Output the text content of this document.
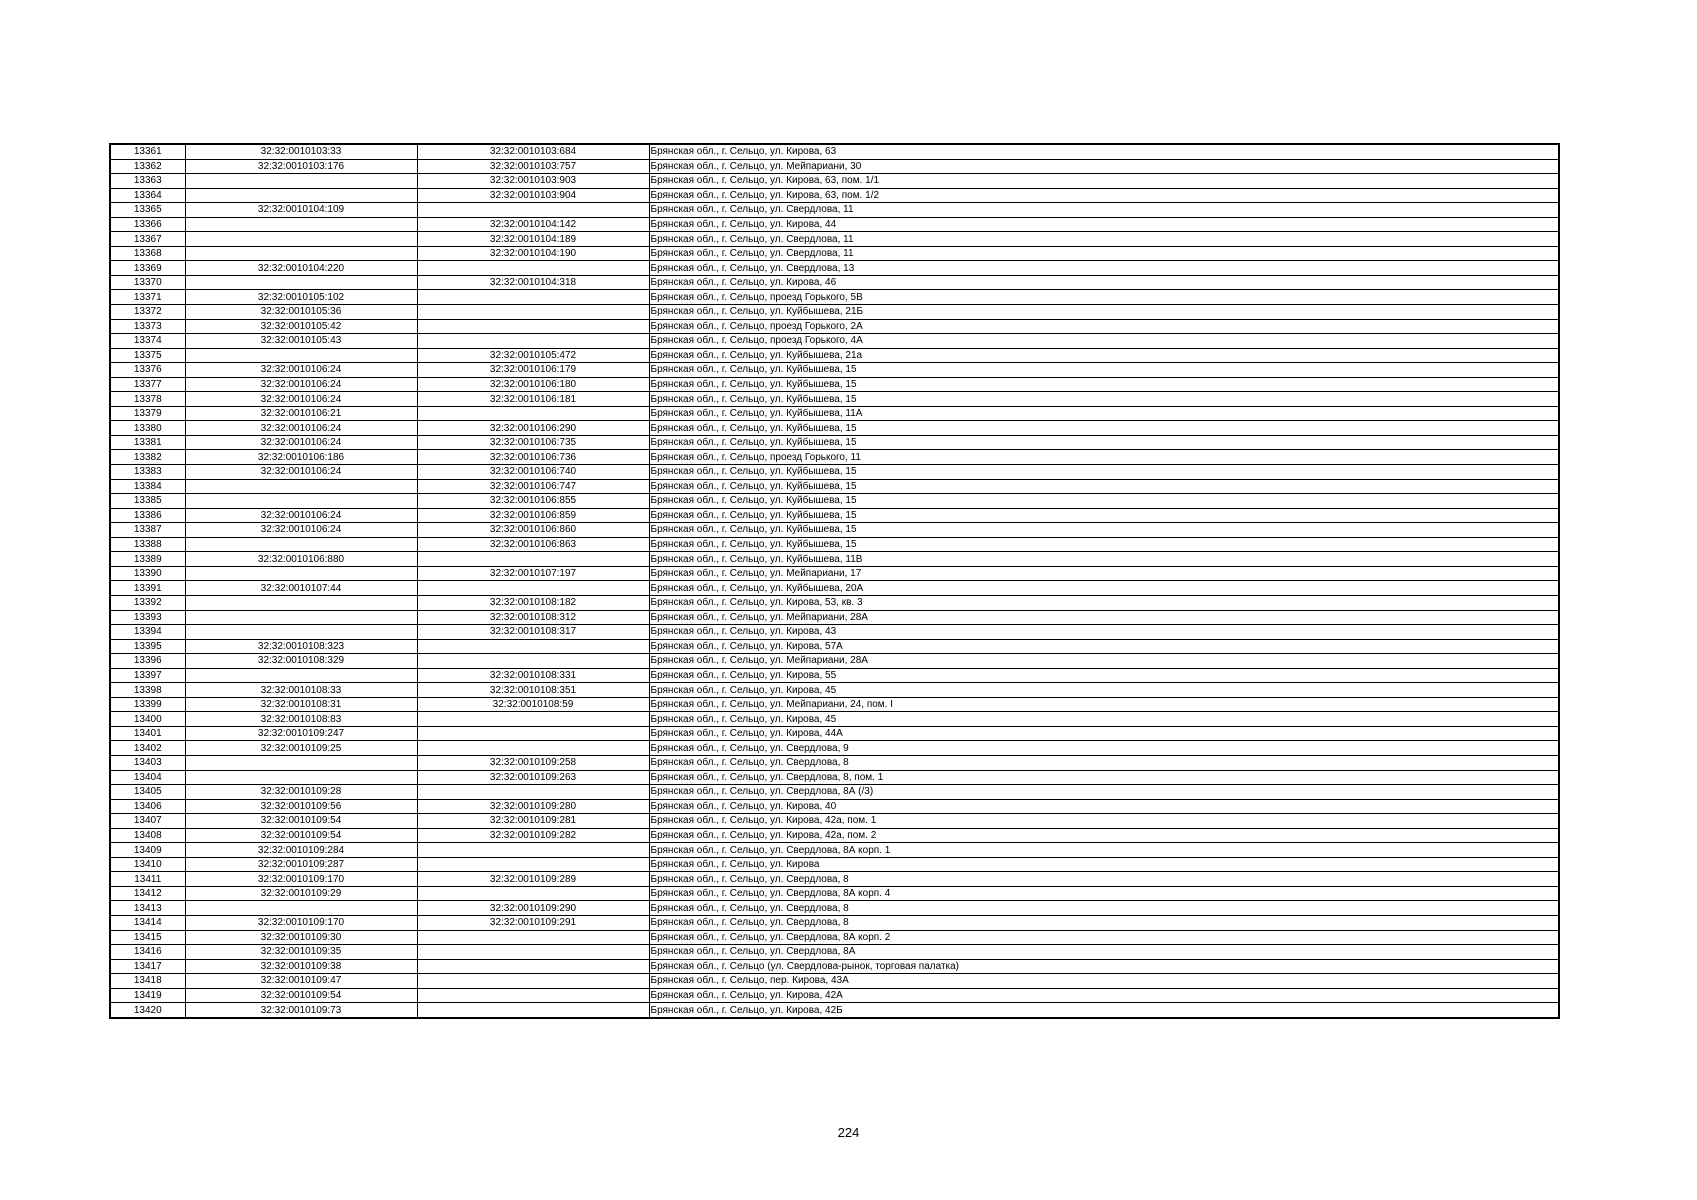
13361	32:32:0010103:33	32:32:0010103:684	Брянская обл., г. Сельцо, ул. Кирова, 63
13362	32:32:0010103:176	32:32:0010103:757	Брянская обл., г. Сельцо, ул. Мейпариани, 30
13363		32:32:0010103:903	Брянская обл., г. Сельцо, ул. Кирова, 63, пом. 1/1
13364		32:32:0010103:904	Брянская обл., г. Сельцо, ул. Кирова, 63, пом. 1/2
13365	32:32:0010104:109		Брянская обл., г. Сельцо, ул. Свердлова, 11
13366		32:32:0010104:142	Брянская обл., г. Сельцо, ул. Кирова, 44
13367		32:32:0010104:189	Брянская обл., г. Сельцо, ул. Свердлова, 11
13368		32:32:0010104:190	Брянская обл., г. Сельцо, ул. Свердлова, 11
13369	32:32:0010104:220		Брянская обл., г. Сельцо, ул. Свердлова, 13
13370		32:32:0010104:318	Брянская обл., г. Сельцо, ул. Кирова, 46
13371	32:32:0010105:102		Брянская обл., г. Сельцо, проезд Горького, 5В
13372	32:32:0010105:36		Брянская обл., г. Сельцо, ул. Куйбышева, 21Б
13373	32:32:0010105:42		Брянская обл., г. Сельцо, проезд Горького, 2А
13374	32:32:0010105:43		Брянская обл., г. Сельцо, проезд Горького, 4А
13375		32:32:0010105:472	Брянская обл., г. Сельцо, ул. Куйбышева, 21а
13376	32:32:0010106:24	32:32:0010106:179	Брянская обл., г. Сельцо, ул. Куйбышева, 15
13377	32:32:0010106:24	32:32:0010106:180	Брянская обл., г. Сельцо, ул. Куйбышева, 15
13378	32:32:0010106:24	32:32:0010106:181	Брянская обл., г. Сельцо, ул. Куйбышева, 15
13379	32:32:0010106:21		Брянская обл., г. Сельцо, ул. Куйбышева, 11А
13380	32:32:0010106:24	32:32:0010106:290	Брянская обл., г. Сельцо, ул. Куйбышева, 15
13381	32:32:0010106:24	32:32:0010106:735	Брянская обл., г. Сельцо, ул. Куйбышева, 15
13382	32:32:0010106:186	32:32:0010106:736	Брянская обл., г. Сельцо, проезд Горького, 11
13383	32:32:0010106:24	32:32:0010106:740	Брянская обл., г. Сельцо, ул. Куйбышева, 15
13384		32:32:0010106:747	Брянская обл., г. Сельцо, ул. Куйбышева, 15
13385		32:32:0010106:855	Брянская обл., г. Сельцо, ул. Куйбышева, 15
13386	32:32:0010106:24	32:32:0010106:859	Брянская обл., г. Сельцо, ул. Куйбышева, 15
13387	32:32:0010106:24	32:32:0010106:860	Брянская обл., г. Сельцо, ул. Куйбышева, 15
13388		32:32:0010106:863	Брянская обл., г. Сельцо, ул. Куйбышева, 15
13389	32:32:0010106:880		Брянская обл., г. Сельцо, ул. Куйбышева, 11В
13390		32:32:0010107:197	Брянская обл., г. Сельцо, ул. Мейпариани, 17
13391	32:32:0010107:44		Брянская обл., г. Сельцо, ул. Куйбышева, 20А
13392		32:32:0010108:182	Брянская обл., г. Сельцо, ул. Кирова, 53, кв. 3
13393		32:32:0010108:312	Брянская обл., г. Сельцо, ул. Мейпариани, 28А
13394		32:32:0010108:317	Брянская обл., г. Сельцо, ул. Кирова, 43
13395	32:32:0010108:323		Брянская обл., г. Сельцо, ул. Кирова, 57А
13396	32:32:0010108:329		Брянская обл., г. Сельцо, ул. Мейпариани, 28А
13397		32:32:0010108:331	Брянская обл., г. Сельцо, ул. Кирова, 55
13398	32:32:0010108:33	32:32:0010108:351	Брянская обл., г. Сельцо, ул. Кирова, 45
13399	32:32:0010108:31	32:32:0010108:59	Брянская обл., г. Сельцо, ул. Мейпариани, 24, пом. I
13400	32:32:0010108:83		Брянская обл., г. Сельцо, ул. Кирова, 45
13401	32:32:0010109:247		Брянская обл., г. Сельцо, ул. Кирова, 44А
13402	32:32:0010109:25		Брянская обл., г. Сельцо, ул. Свердлова, 9
13403		32:32:0010109:258	Брянская обл., г. Сельцо, ул. Свердлова, 8
13404		32:32:0010109:263	Брянская обл., г. Сельцо, ул. Свердлова, 8, пом. 1
13405	32:32:0010109:28		Брянская обл., г. Сельцо, ул. Свердлова, 8А (/3)
13406	32:32:0010109:56	32:32:0010109:280	Брянская обл., г. Сельцо, ул. Кирова, 40
13407	32:32:0010109:54	32:32:0010109:281	Брянская обл., г. Сельцо, ул. Кирова, 42а, пом. 1
13408	32:32:0010109:54	32:32:0010109:282	Брянская обл., г. Сельцо, ул. Кирова, 42а, пом. 2
13409	32:32:0010109:284		Брянская обл., г. Сельцо, ул. Свердлова, 8А корп. 1
13410	32:32:0010109:287		Брянская обл., г. Сельцо, ул. Кирова
13411	32:32:0010109:170	32:32:0010109:289	Брянская обл., г. Сельцо, ул. Свердлова, 8
13412	32:32:0010109:29		Брянская обл., г. Сельцо, ул. Свердлова, 8А корп. 4
13413		32:32:0010109:290	Брянская обл., г. Сельцо, ул. Свердлова, 8
13414	32:32:0010109:170	32:32:0010109:291	Брянская обл., г. Сельцо, ул. Свердлова, 8
13415	32:32:0010109:30		Брянская обл., г. Сельцо, ул. Свердлова, 8А корп. 2
13416	32:32:0010109:35		Брянская обл., г. Сельцо, ул. Свердлова, 8А
13417	32:32:0010109:38		Брянская обл., г. Сельцо (ул. Свердлова-рынок, торговая палатка)
13418	32:32:0010109:47		Брянская обл., г. Сельцо, пер. Кирова, 43А
13419	32:32:0010109:54		Брянская обл., г. Сельцо, ул. Кирова, 42А
13420	32:32:0010109:73		Брянская обл., г. Сельцо, ул. Кирова, 42Б
224
